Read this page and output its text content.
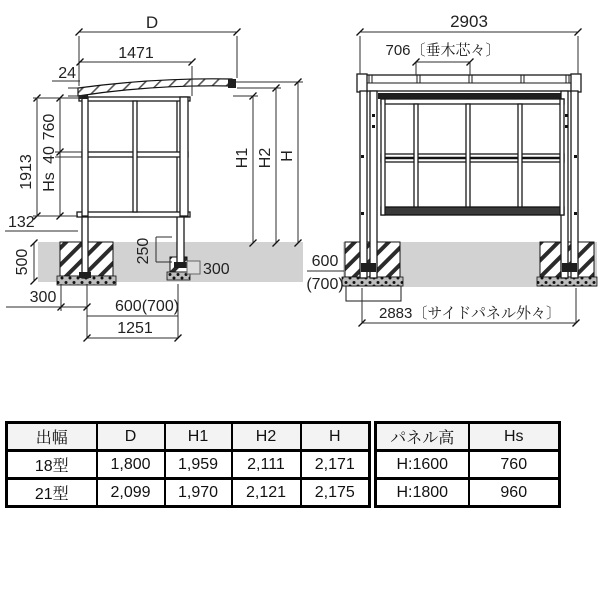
D
1471
24
1913
760
40
Hs
132
500
300
600(700)
1251
250
300
H1 H2 H
2903
706〔垂木芯々〕
600
(700)
2883〔サイドパネル外々〕
出幅	D	H1	H2	H
18型	1,800	1,959	2,111	2,171
21型	2,099	1,970	2,121	2,175
パネル高	Hs
H:1600	760
H:1800	960
